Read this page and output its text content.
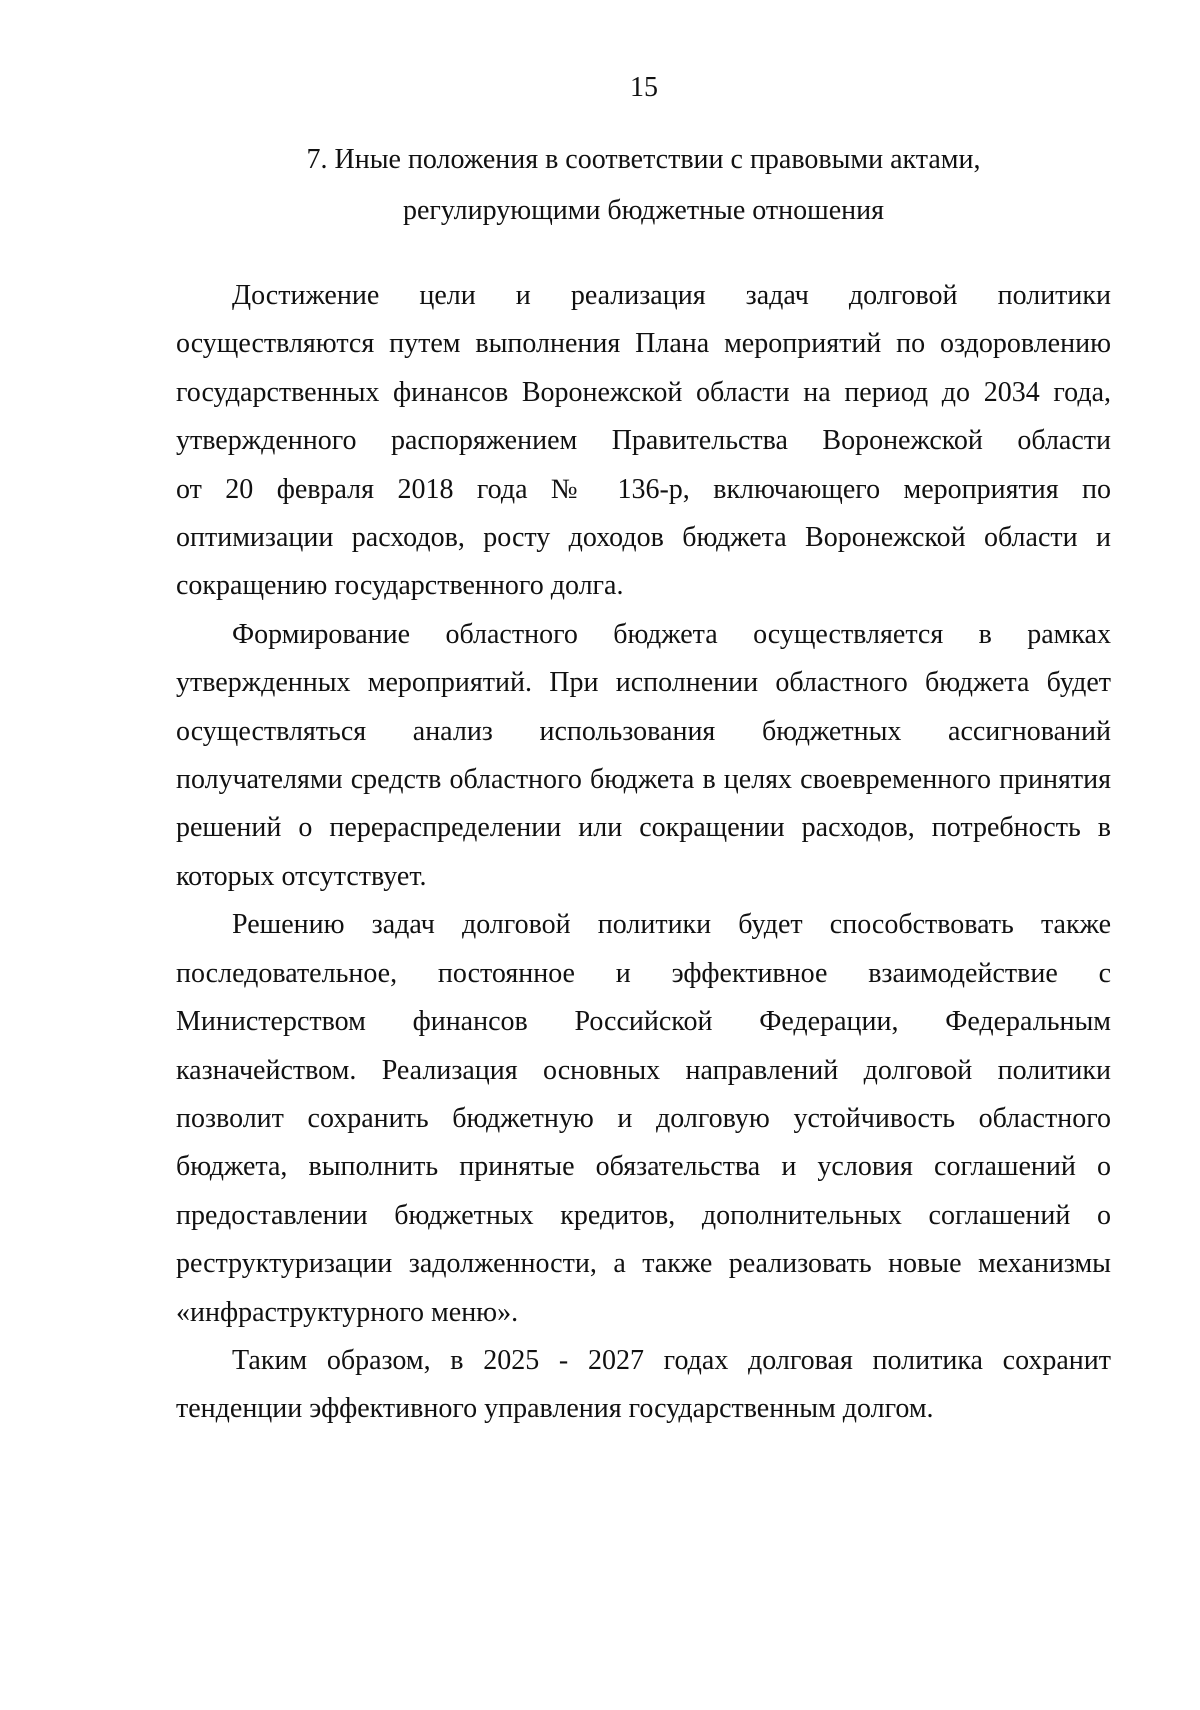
15
7. Иные положения в соответствии с правовыми актами,
регулирующими бюджетные отношения

Достижение цели и реализация задач долговой политики
осуществляются путем выполнения Плана мероприятий по оздоровлению
государственных финансов Воронежской области на период до 2034 года,
утвержденного распоряжением Правительства Воронежской области
от 20 февраля 2018 года № 136-р, включающего мероприятия по
оптимизации расходов, росту доходов бюджета Воронежской области и
сокращению государственного долга.

Формирование областного бюджета осуществляется в рамках
утвержденных мероприятий. При исполнении областного бюджета будет
осуществляться анализ использования бюджетных ассигнований
получателями средств областного бюджета в целях своевременного принятия
решений о перераспределении или сокращении расходов, потребность в
которых отсутствует.

Решению задач долговой политики будет способствовать также
последовательное, постоянное и эффективное взаимодействие с
Министерством финансов Российской Федерации, Федеральным
казначейством. Реализация основных направлений долговой политики
позволит сохранить бюджетную и долговую устойчивость областного
бюджета, выполнить принятые обязательства и условия соглашений о
предоставлении бюджетных кредитов, дополнительных соглашений о
реструктуризации задолженности, а также реализовать новые механизмы
«инфраструктурного меню».

Таким образом, в 2025 - 2027 годах долговая политика сохранит
тенденции эффективного управления государственным долгом.
